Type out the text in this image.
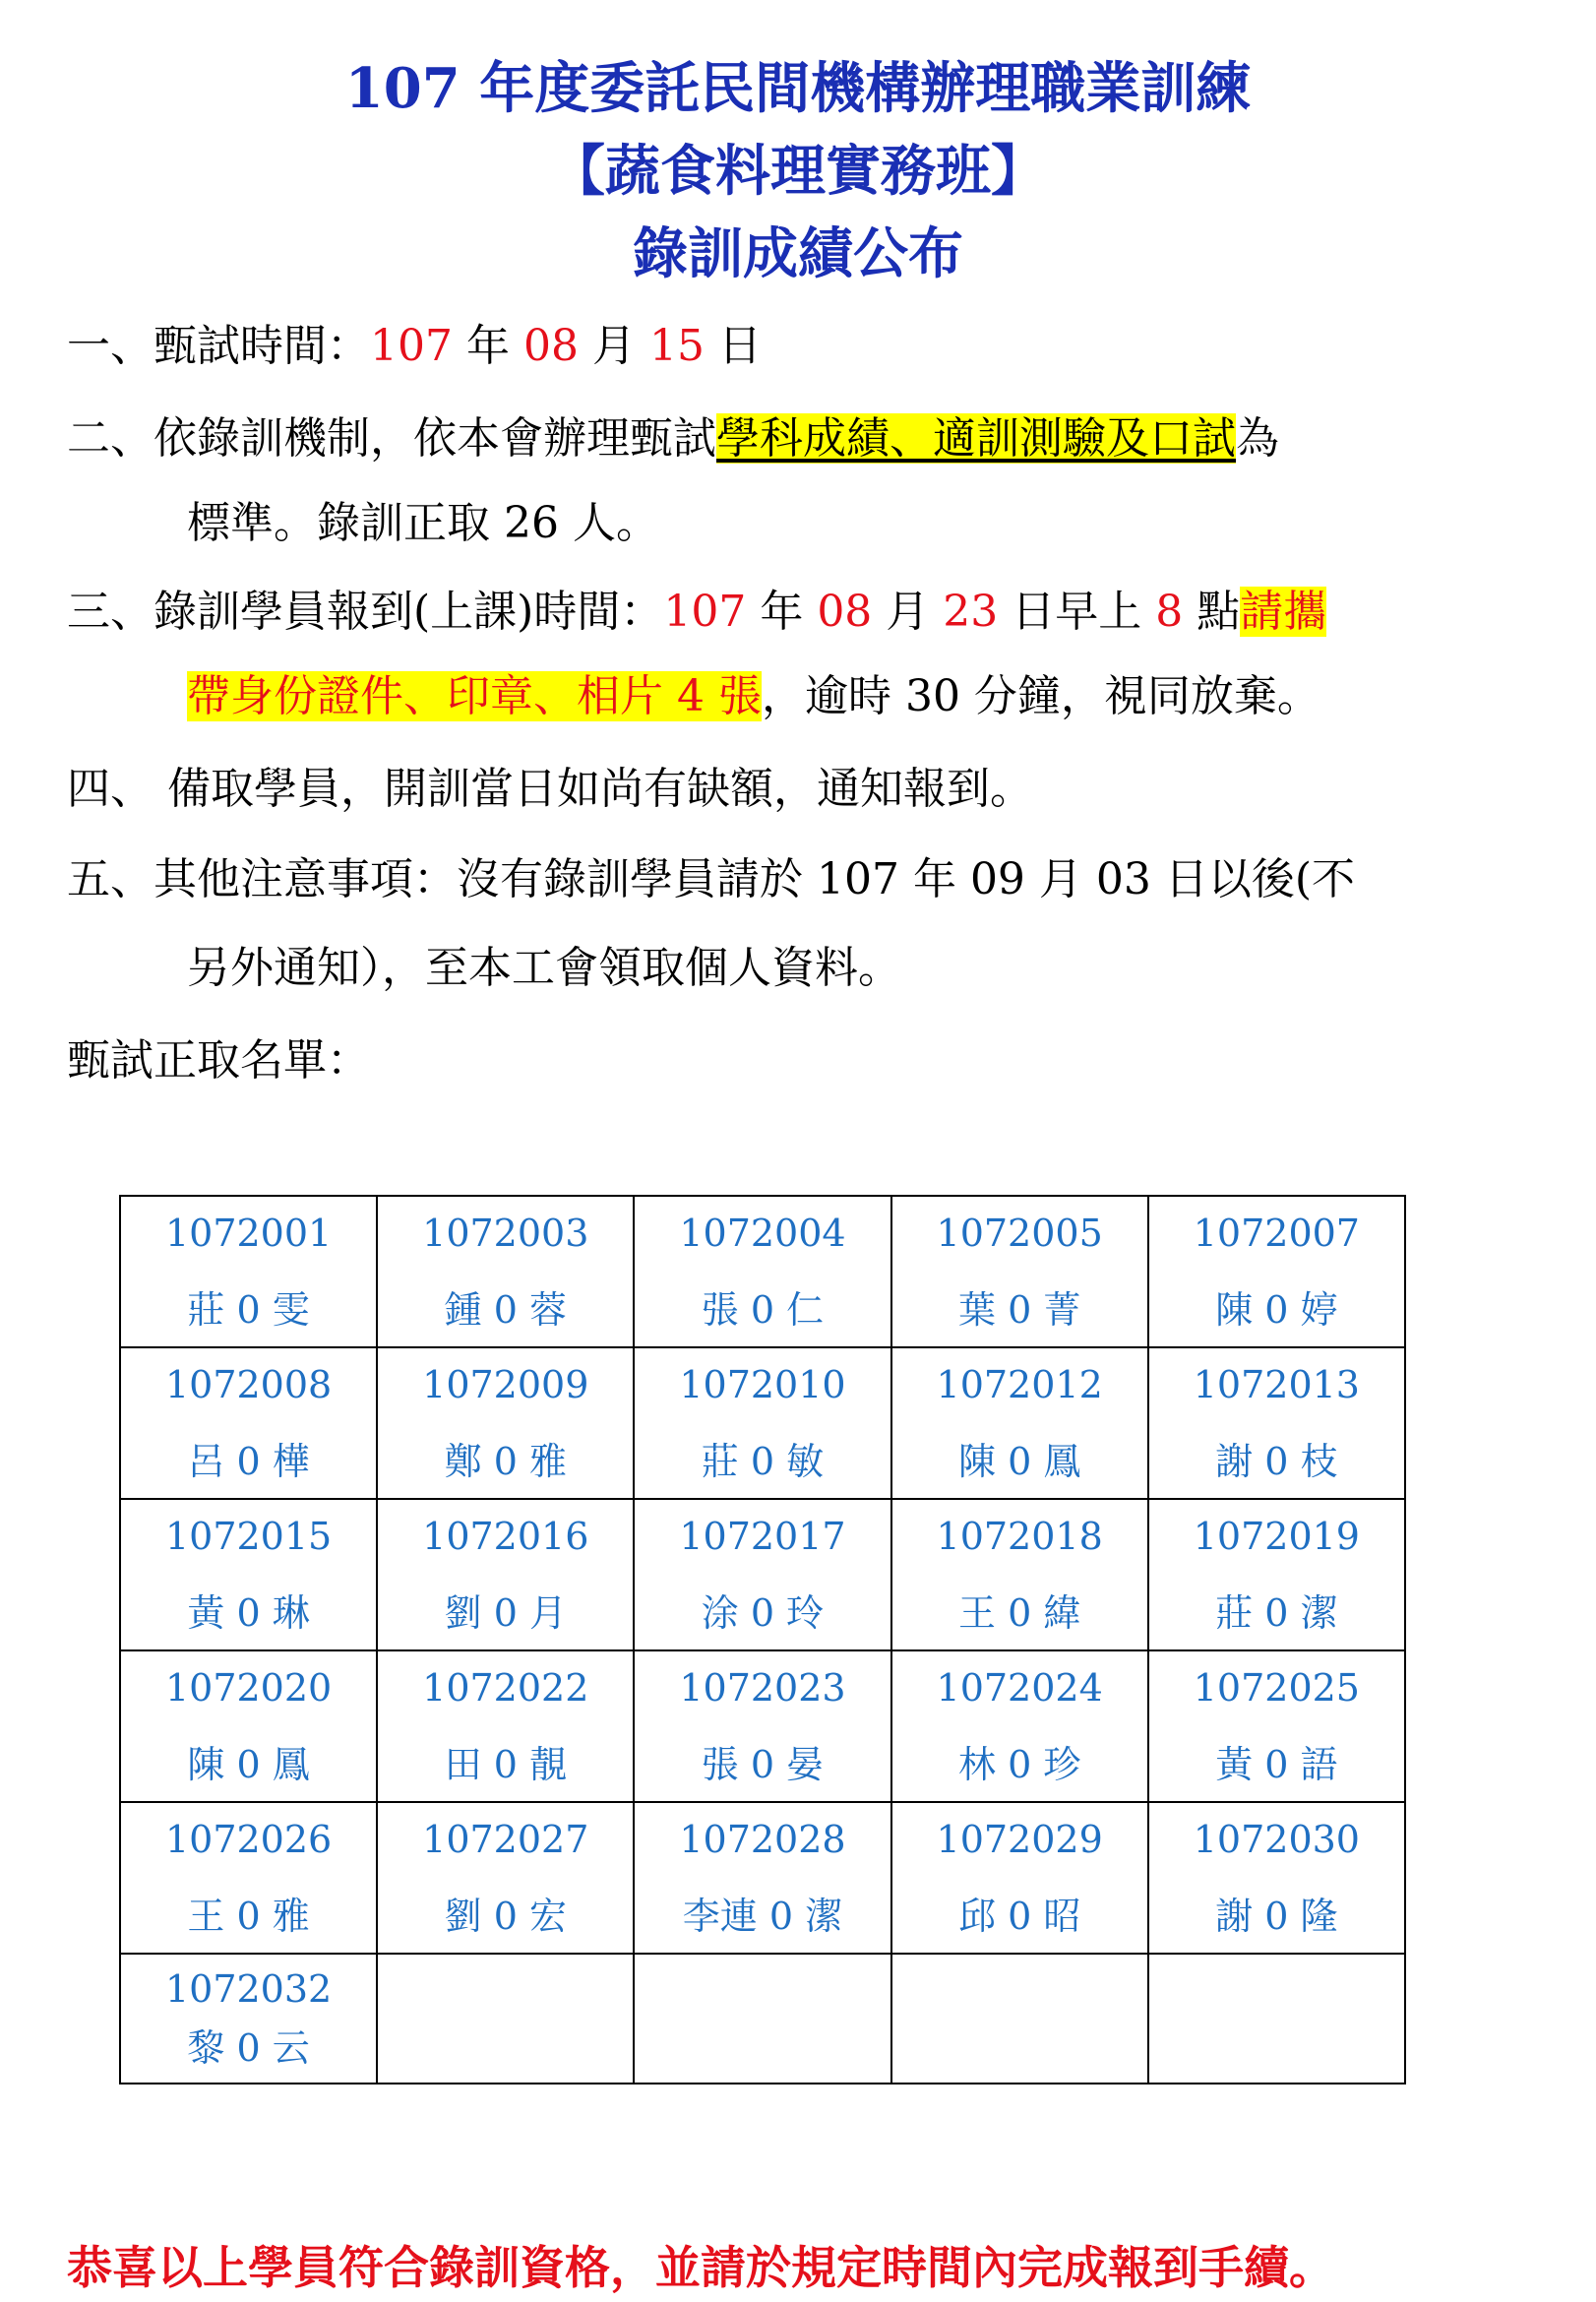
107 年度委託民間機構辦理職業訓練
【蔬食料理實務班】
錄訓成績公布
一、甄試時間：107 年 08 月 15 日
二、依錄訓機制，依本會辦理甄試學科成績、適訓測驗及口試為
標準。錄訓正取 26 人。
三、錄訓學員報到(上課)時間：107 年 08 月 23 日早上 8 點請攜
帶身份證件、印章、相片 4 張，逾時 30 分鐘，視同放棄。
四、 備取學員，開訓當日如尚有缺額，通知報到。
五、其他注意事項：沒有錄訓學員請於 107 年 09 月 03 日以後(不
另外通知），至本工會領取個人資料。
甄試正取名單：
1072001
莊 0 雯	1072003
鍾 0 蓉	1072004
張 0 仁	1072005
葉 0 菁	1072007
陳 0 婷

1072008
呂 0 樺	1072009
鄭 0 雅	1072010
莊 0 敏	1072012
陳 0 鳳	1072013
謝 0 枝

1072015
黃 0 琳	1072016
劉 0 月	1072017
涂 0 玲	1072018
王 0 緯	1072019
莊 0 潔

1072020
陳 0 鳳	1072022
田 0 靚	1072023
張 0 晏	1072024
林 0 珍	1072025
黃 0 語

1072026
王 0 雅	1072027
劉 0 宏	1072028
李連 0 潔	1072029
邱 0 昭	1072030
謝 0 隆

1072032
黎 0 云				

恭喜以上學員符合錄訓資格，並請於規定時間內完成報到手續。
